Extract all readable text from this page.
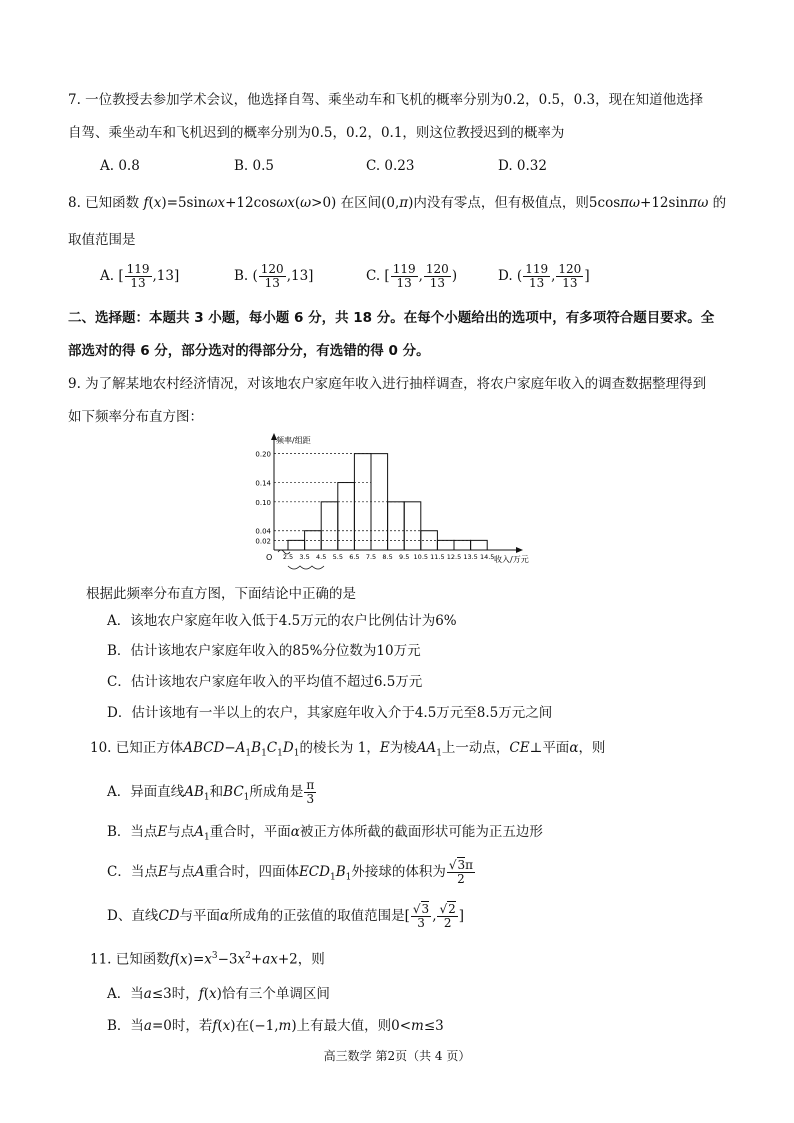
7. 一位教授去参加学术会议，他选择自驾、乘坐动车和飞机的概率分别为0.2，0.5，0.3，现在知道他选择
自驾、乘坐动车和飞机迟到的概率分别为0.5，0.2，0.1，则这位教授迟到的概率为
A. 0.8	B. 0.5	C. 0.23	D. 0.32
8. 已知函数 f(x)=5sinωx+12cosωx(ω>0) 在区间(0,π)内没有零点，但有极值点，则5cosπω+12sinπω 的
取值范围是
A. [ $\frac{119}{13} ,13$]	B. ( $\frac{120}{13} ,13$]	C. [ $\frac{119}{13}$ , $\frac{120}{13}$ )	D. ( $\frac{119}{13}$ , $\frac{120}{13}$ ]
二、选择题：本题共 3 小题，每小题 6 分，共 18 分。在每个小题给出的选项中，有多项符合题目要求。全
部选对的得 6 分，部分选对的得部分分，有选错的得 0 分。
9. 为了解某地农村经济情况，对该地农户家庭年收入进行抽样调查，将农户家庭年收入的调查数据整理得到
如下频率分布直方图：
频率/组距
收入/万元
O
0.20
0.14
0.10
0.04
0.02
2.5 3.5 4.5 5.5 6.5 7.5 8.5 9.5 10.5 11.5 12.5 13.5 14.5
根据此频率分布直方图，下面结论中正确的是
A．该地农户家庭年收入低于4.5万元的农户比例估计为6%
B．估计该地农户家庭年收入的85%分位数为10万元
C．估计该地农户家庭年收入的平均值不超过6.5万元
D．估计该地有一半以上的农户，其家庭年收入介于4.5万元至8.5万元之间
10. 已知正方体$ABCD-A_1B_1C_1D_1$的棱长为 1，E为棱$AA_1$上一动点，CE⊥平面α，则
A．异面直线$AB_1$和$BC_1$所成角是 $\frac{\pi}{3}$
B．当点E与点$A_1$重合时，平面α被正方体所截的截面形状可能为正五边形
C．当点E与点A重合时，四面体$ECD_1B_1$外接球的体积为 $\frac{√3\pi}{2}$
D、直线CD与平面α所成角的正弦值的取值范围是[ $\frac{√3}{3}$ , $\frac{√2}{2}$ ]
11. 已知函数$f(x)=x^3-3x^2+ax+2$，则
A．当a≤3时，f(x)恰有三个单调区间
B．当a=0时，若f(x)在(−1,m)上有最大值，则0<m≤3
高三数学 第2页（共 4 页）
